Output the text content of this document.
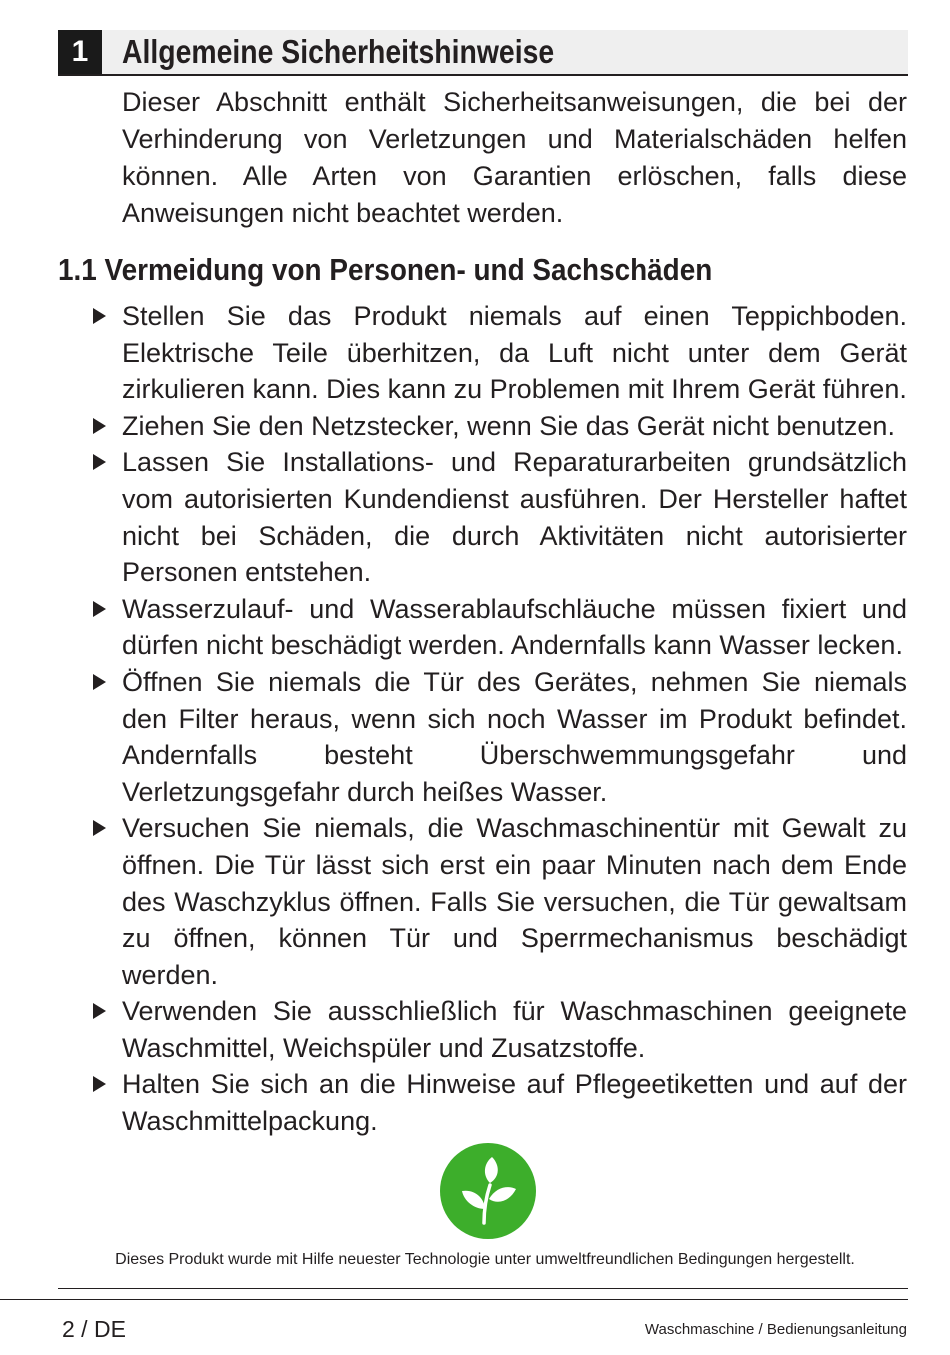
1	Allgemeine Sicherheitshinweise
Dieser Abschnitt enthält Sicherheitsanweisungen, die bei der Verhinderung von Verletzungen und Materialschäden helfen können. Alle Arten von Garantien erlöschen, falls diese Anweisungen nicht beachtet werden.
1.1 Vermeidung von Personen- und Sachschäden
Stellen Sie das Produkt niemals auf einen Teppichboden. Elektrische Teile überhitzen, da Luft nicht unter dem Gerät zirkulieren kann. Dies kann zu Problemen mit Ihrem Gerät führen.
Ziehen Sie den Netzstecker, wenn Sie das Gerät nicht benutzen.
Lassen Sie Installations- und Reparaturarbeiten grundsätzlich vom autorisierten Kundendienst ausführen. Der Hersteller haftet nicht bei Schäden, die durch Aktivitäten nicht autorisierter Personen entstehen.
Wasserzulauf- und Wasserablaufschläuche müssen fixiert und dürfen nicht beschädigt werden. Andernfalls kann Wasser lecken.
Öffnen Sie niemals die Tür des Gerätes, nehmen Sie niemals den Filter heraus, wenn sich noch Wasser im Produkt befindet. Andernfalls besteht Überschwemmungsgefahr und Verletzungsgefahr durch heißes Wasser.
Versuchen Sie niemals, die Waschmaschinentür mit Gewalt zu öffnen. Die Tür lässt sich erst ein paar Minuten nach dem Ende des Waschzyklus öffnen. Falls Sie versuchen, die Tür gewaltsam zu öffnen, können Tür und Sperrmechanismus beschädigt werden.
Verwenden Sie ausschließlich für Waschmaschinen geeignete Waschmittel, Weichspüler und Zusatzstoffe.
Halten Sie sich an die Hinweise auf Pflegeetiketten und auf der Waschmittelpackung.
Dieses Produkt wurde mit Hilfe neuester Technologie unter umweltfreundlichen Bedingungen hergestellt.
2 / DE	Waschmaschine / Bedienungsanleitung
